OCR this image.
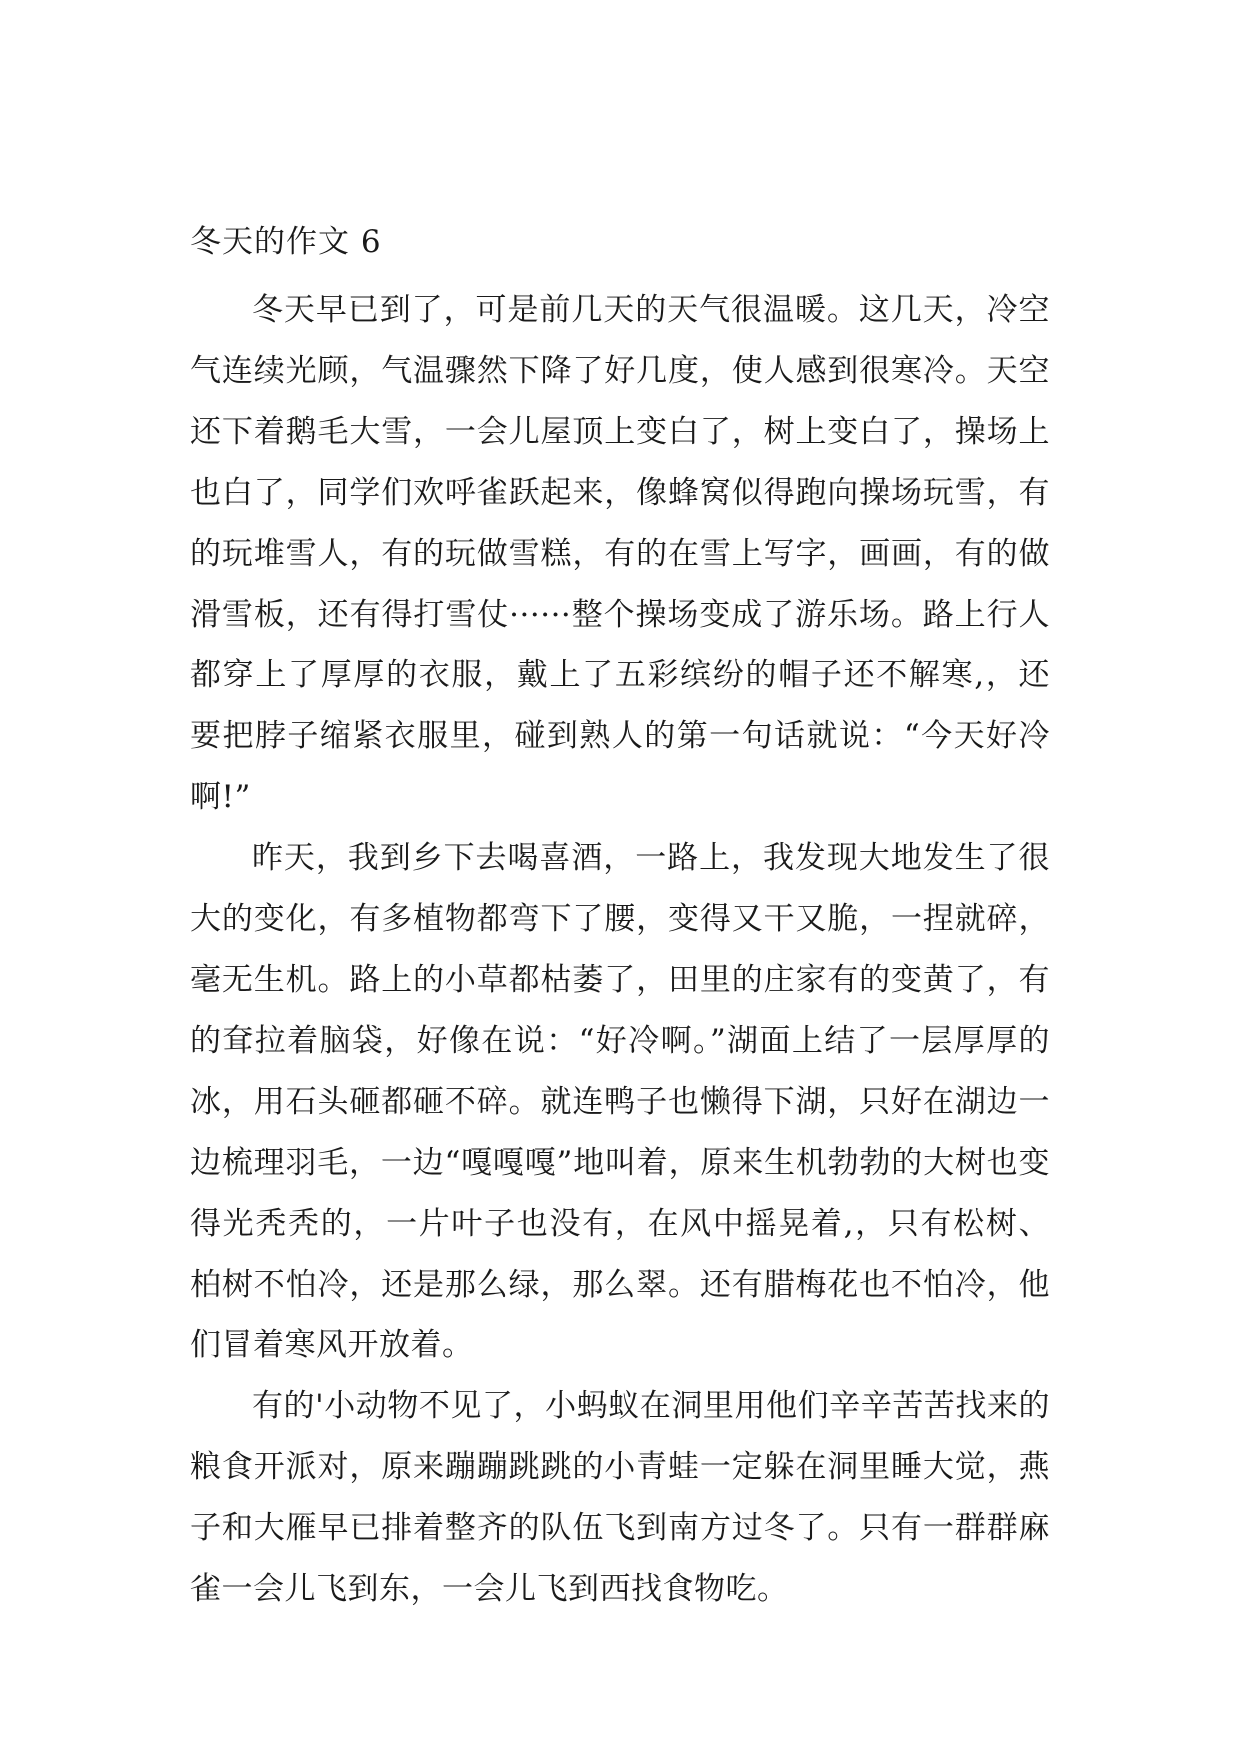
冬天的作文 6

冬天早已到了，可是前几天的天气很温暖。这几天，冷空气连续光顾，气温骤然下降了好几度，使人感到很寒冷。天空还下着鹅毛大雪，一会儿屋顶上变白了，树上变白了，操场上也白了，同学们欢呼雀跃起来，像蜂窝似得跑向操场玩雪，有的玩堆雪人，有的玩做雪糕，有的在雪上写字，画画，有的做滑雪板，还有得打雪仗······整个操场变成了游乐场。路上行人都穿上了厚厚的衣服，戴上了五彩缤纷的帽子还不解寒,，还要把脖子缩紧衣服里，碰到熟人的第一句话就说：“今天好冷啊!”

昨天，我到乡下去喝喜酒，一路上，我发现大地发生了很大的变化，有多植物都弯下了腰，变得又干又脆，一捏就碎，毫无生机。路上的小草都枯萎了，田里的庄家有的变黄了，有的耷拉着脑袋，好像在说：“好冷啊。”湖面上结了一层厚厚的冰，用石头砸都砸不碎。就连鸭子也懒得下湖，只好在湖边一边梳理羽毛，一边“嘎嘎嘎”地叫着，原来生机勃勃的大树也变得光秃秃的，一片叶子也没有，在风中摇晃着,，只有松树、柏树不怕冷，还是那么绿，那么翠。还有腊梅花也不怕冷，他们冒着寒风开放着。

有的'小动物不见了，小蚂蚁在洞里用他们辛辛苦苦找来的粮食开派对，原来蹦蹦跳跳的小青蛙一定躲在洞里睡大觉，燕子和大雁早已排着整齐的队伍飞到南方过冬了。只有一群群麻雀一会儿飞到东，一会儿飞到西找食物吃。
